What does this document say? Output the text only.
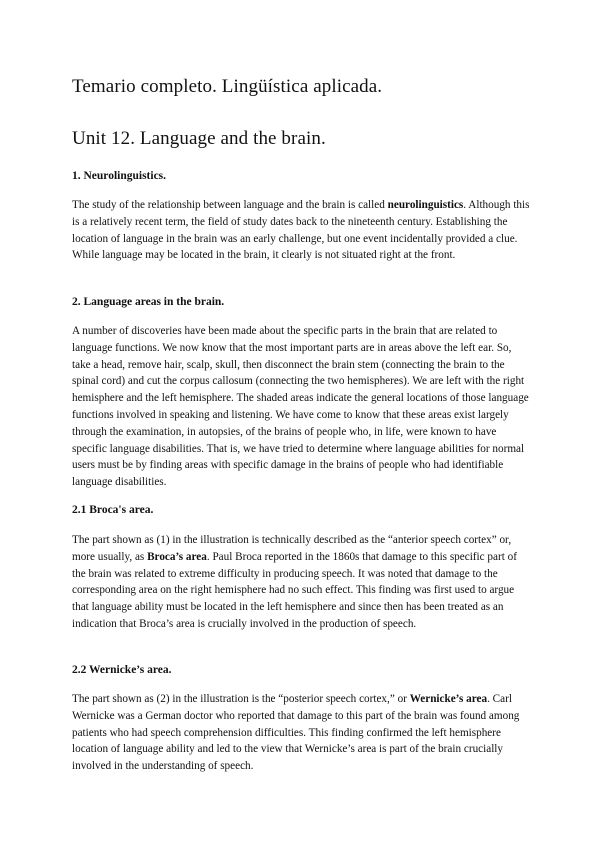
Temario completo. Lingüística aplicada.
Unit 12. Language and the brain.
1. Neurolinguistics.

The study of the relationship between language and the brain is called neurolinguistics. Although this is a relatively recent term, the field of study dates back to the nineteenth century. Establishing the location of language in the brain was an early challenge, but one event incidentally provided a clue. While language may be located in the brain, it clearly is not situated right at the front.

2. Language areas in the brain.

A number of discoveries have been made about the specific parts in the brain that are related to language functions. We now know that the most important parts are in areas above the left ear. So, take a head, remove hair, scalp, skull, then disconnect the brain stem (connecting the brain to the spinal cord) and cut the corpus callosum (connecting the two hemispheres). We are left with the right hemisphere and the left hemisphere. The shaded areas indicate the general locations of those language functions involved in speaking and listening. We have come to know that these areas exist largely through the examination, in autopsies, of the brains of people who, in life, were known to have specific language disabilities. That is, we have tried to determine where language abilities for normal users must be by finding areas with specific damage in the brains of people who had identifiable language disabilities.

2.1 Broca's area.

The part shown as (1) in the illustration is technically described as the “anterior speech cortex” or, more usually, as Broca’s area. Paul Broca reported in the 1860s that damage to this specific part of the brain was related to extreme difficulty in producing speech. It was noted that damage to the corresponding area on the right hemisphere had no such effect. This finding was first used to argue that language ability must be located in the left hemisphere and since then has been treated as an indication that Broca’s area is crucially involved in the production of speech.

2.2 Wernicke’s area.

The part shown as (2) in the illustration is the “posterior speech cortex,” or Wernicke’s area. Carl Wernicke was a German doctor who reported that damage to this part of the brain was found among patients who had speech comprehension difficulties. This finding confirmed the left hemisphere location of language ability and led to the view that Wernicke’s area is part of the brain crucially involved in the understanding of speech.
